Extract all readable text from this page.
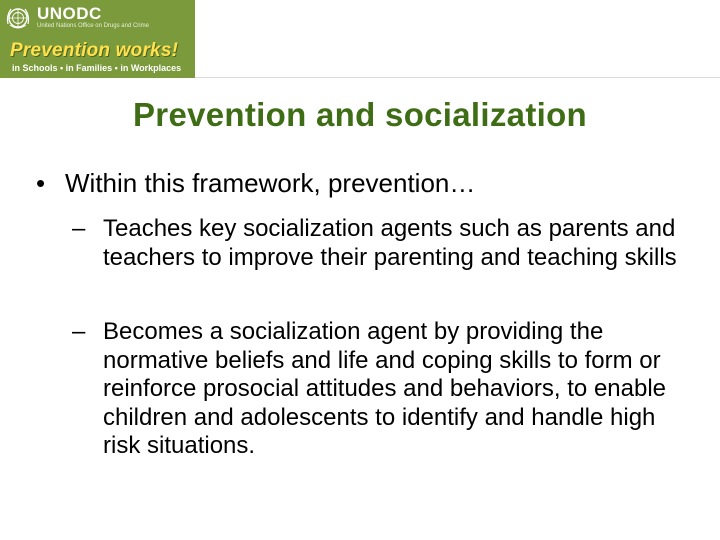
UNODC
United Nations Office on Drugs and Crime
Prevention works!
in Schools • in Families • in Workplaces
Prevention and socialization
• Within this framework, prevention…
– Teaches key socialization agents such as parents and teachers to improve their parenting and teaching skills
– Becomes a socialization agent by providing the normative beliefs and life and coping skills to form or reinforce prosocial attitudes and behaviors, to enable children and adolescents to identify and handle high risk situations.
